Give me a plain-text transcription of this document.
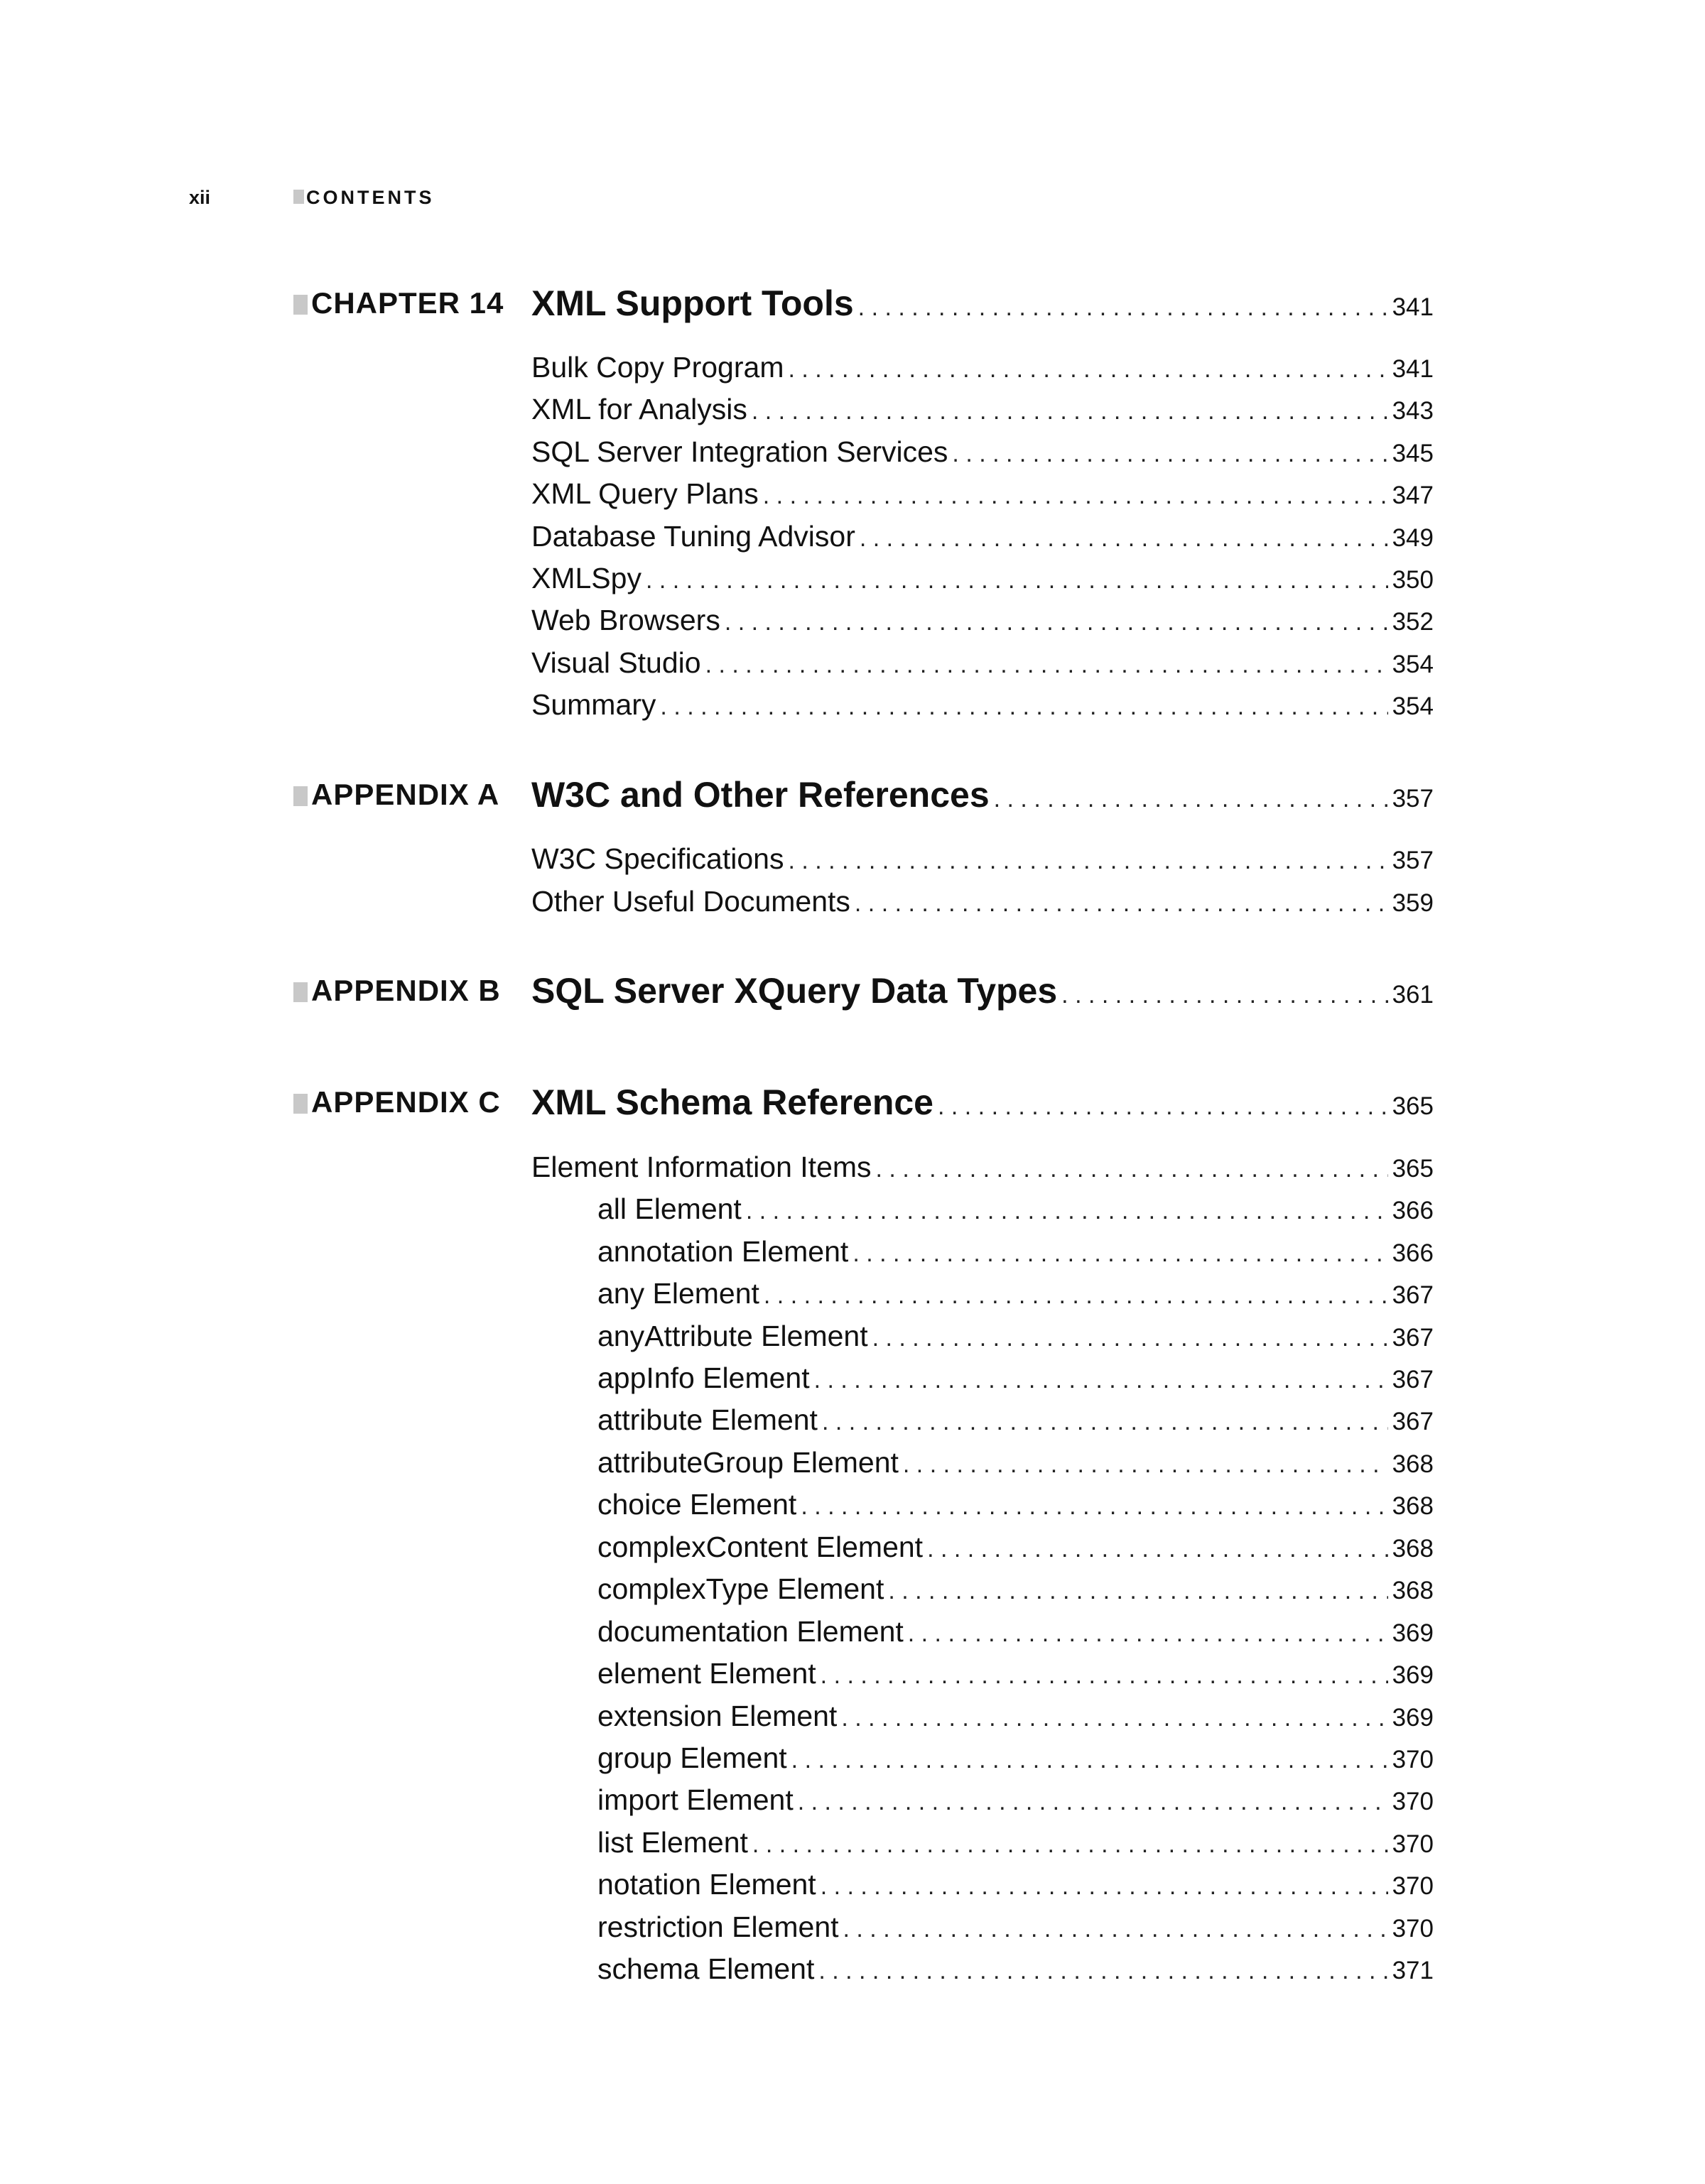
xii	CONTENTS
CHAPTER 14 XML Support Tools . . .	341
Bulk Copy Program . . .	341
XML for Analysis . . .	343
SQL Server Integration Services . . .	345
XML Query Plans . . .	347
Database Tuning Advisor . . .	349
XMLSpy . . .	350
Web Browsers . . .	352
Visual Studio . . .	354
Summary . . .	354
APPENDIX A W3C and Other References . . .	357
W3C Specifications . . .	357
Other Useful Documents . . .	359
APPENDIX B SQL Server XQuery Data Types . . .	361
APPENDIX C XML Schema Reference . . .	365
Element Information Items . . .	365
all Element . . .	366
annotation Element . . .	366
any Element . . .	367
anyAttribute Element . . .	367
appInfo Element . . .	367
attribute Element . . .	367
attributeGroup Element . . .	368
choice Element . . .	368
complexContent Element . . .	368
complexType Element . . .	368
documentation Element . . .	369
element Element . . .	369
extension Element . . .	369
group Element . . .	370
import Element . . .	370
list Element . . .	370
notation Element . . .	370
restriction Element . . .	370
schema Element . . .	371
